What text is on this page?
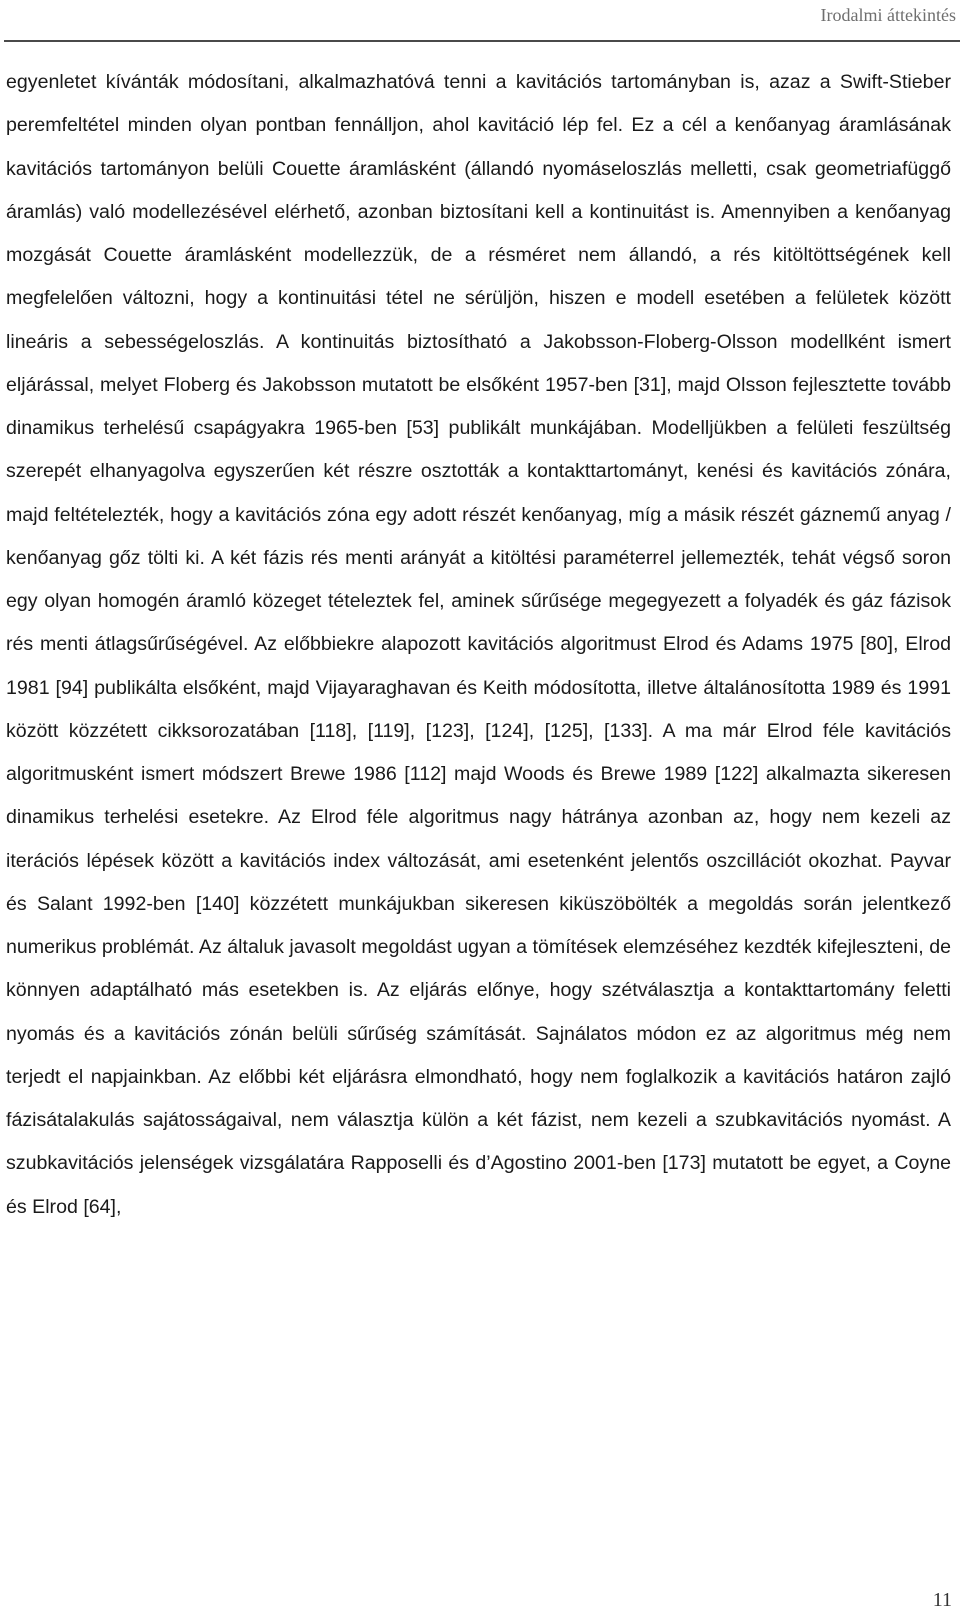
Irodalmi áttekintés

egyenletet kívánták módosítani, alkalmazhatóvá tenni a kavitációs tartományban is, azaz a Swift-Stieber peremfeltétel minden olyan pontban fennálljon, ahol kavitáció lép fel. Ez a cél a kenőanyag áramlásának kavitációs tartományon belüli Couette áramlásként (állandó nyomáseloszlás melletti, csak geometriafüggő áramlás) való modellezésével elérhető, azonban biztosítani kell a kontinuitást is. Amennyiben a kenőanyag mozgását Couette áramlásként modellezzük, de a résméret nem állandó, a rés kitöltöttségének kell megfelelően változni, hogy a kontinuitási tétel ne sérüljön, hiszen e modell esetében a felületek között lineáris a sebességeloszlás. A kontinuitás biztosítható a Jakobsson-Floberg-Olsson modellként ismert eljárással, melyet Floberg és Jakobsson mutatott be elsőként 1957-ben [31], majd Olsson fejlesztette tovább dinamikus terhelésű csapágyakra 1965-ben [53] publikált munkájában. Modelljükben a felületi feszültség szerepét elhanyagolva egyszerűen két részre osztották a kontakttartományt, kenési és kavitációs zónára, majd feltételezték, hogy a kavitációs zóna egy adott részét kenőanyag, míg a másik részét gáznemű anyag / kenőanyag gőz tölti ki. A két fázis rés menti arányát a kitöltési paraméterrel jellemezték, tehát végső soron egy olyan homogén áramló közeget tételeztek fel, aminek sűrűsége megegyezett a folyadék és gáz fázisok rés menti átlagsűrűségével. Az előbbiekre alapozott kavitációs algoritmust Elrod és Adams 1975 [80], Elrod 1981 [94] publikálta elsőként, majd Vijayaraghavan és Keith módosította, illetve általánosította 1989 és 1991 között közzétett cikksorozatában [118], [119], [123], [124], [125], [133]. A ma már Elrod féle kavitációs algoritmusként ismert módszert Brewe 1986 [112] majd Woods és Brewe 1989 [122] alkalmazta sikeresen dinamikus terhelési esetekre. Az Elrod féle algoritmus nagy hátránya azonban az, hogy nem kezeli az iterációs lépések között a kavitációs index változását, ami esetenként jelentős oszcillációt okozhat. Payvar és Salant 1992-ben [140] közzétett munkájukban sikeresen kiküszöbölték a megoldás során jelentkező numerikus problémát. Az általuk javasolt megoldást ugyan a tömítések elemzéséhez kezdték kifejleszteni, de könnyen adaptálható más esetekben is. Az eljárás előnye, hogy szétválasztja a kontakttartomány feletti nyomás és a kavitációs zónán belüli sűrűség számítását. Sajnálatos módon ez az algoritmus még nem terjedt el napjainkban. Az előbbi két eljárásra elmondható, hogy nem foglalkozik a kavitációs határon zajló fázisátalakulás sajátosságaival, nem választja külön a két fázist, nem kezeli a szubkavitációs nyomást. A szubkavitációs jelenségek vizsgálatára Rapposelli és d’Agostino 2001-ben [173] mutatott be egyet, a Coyne és Elrod [64],

11
